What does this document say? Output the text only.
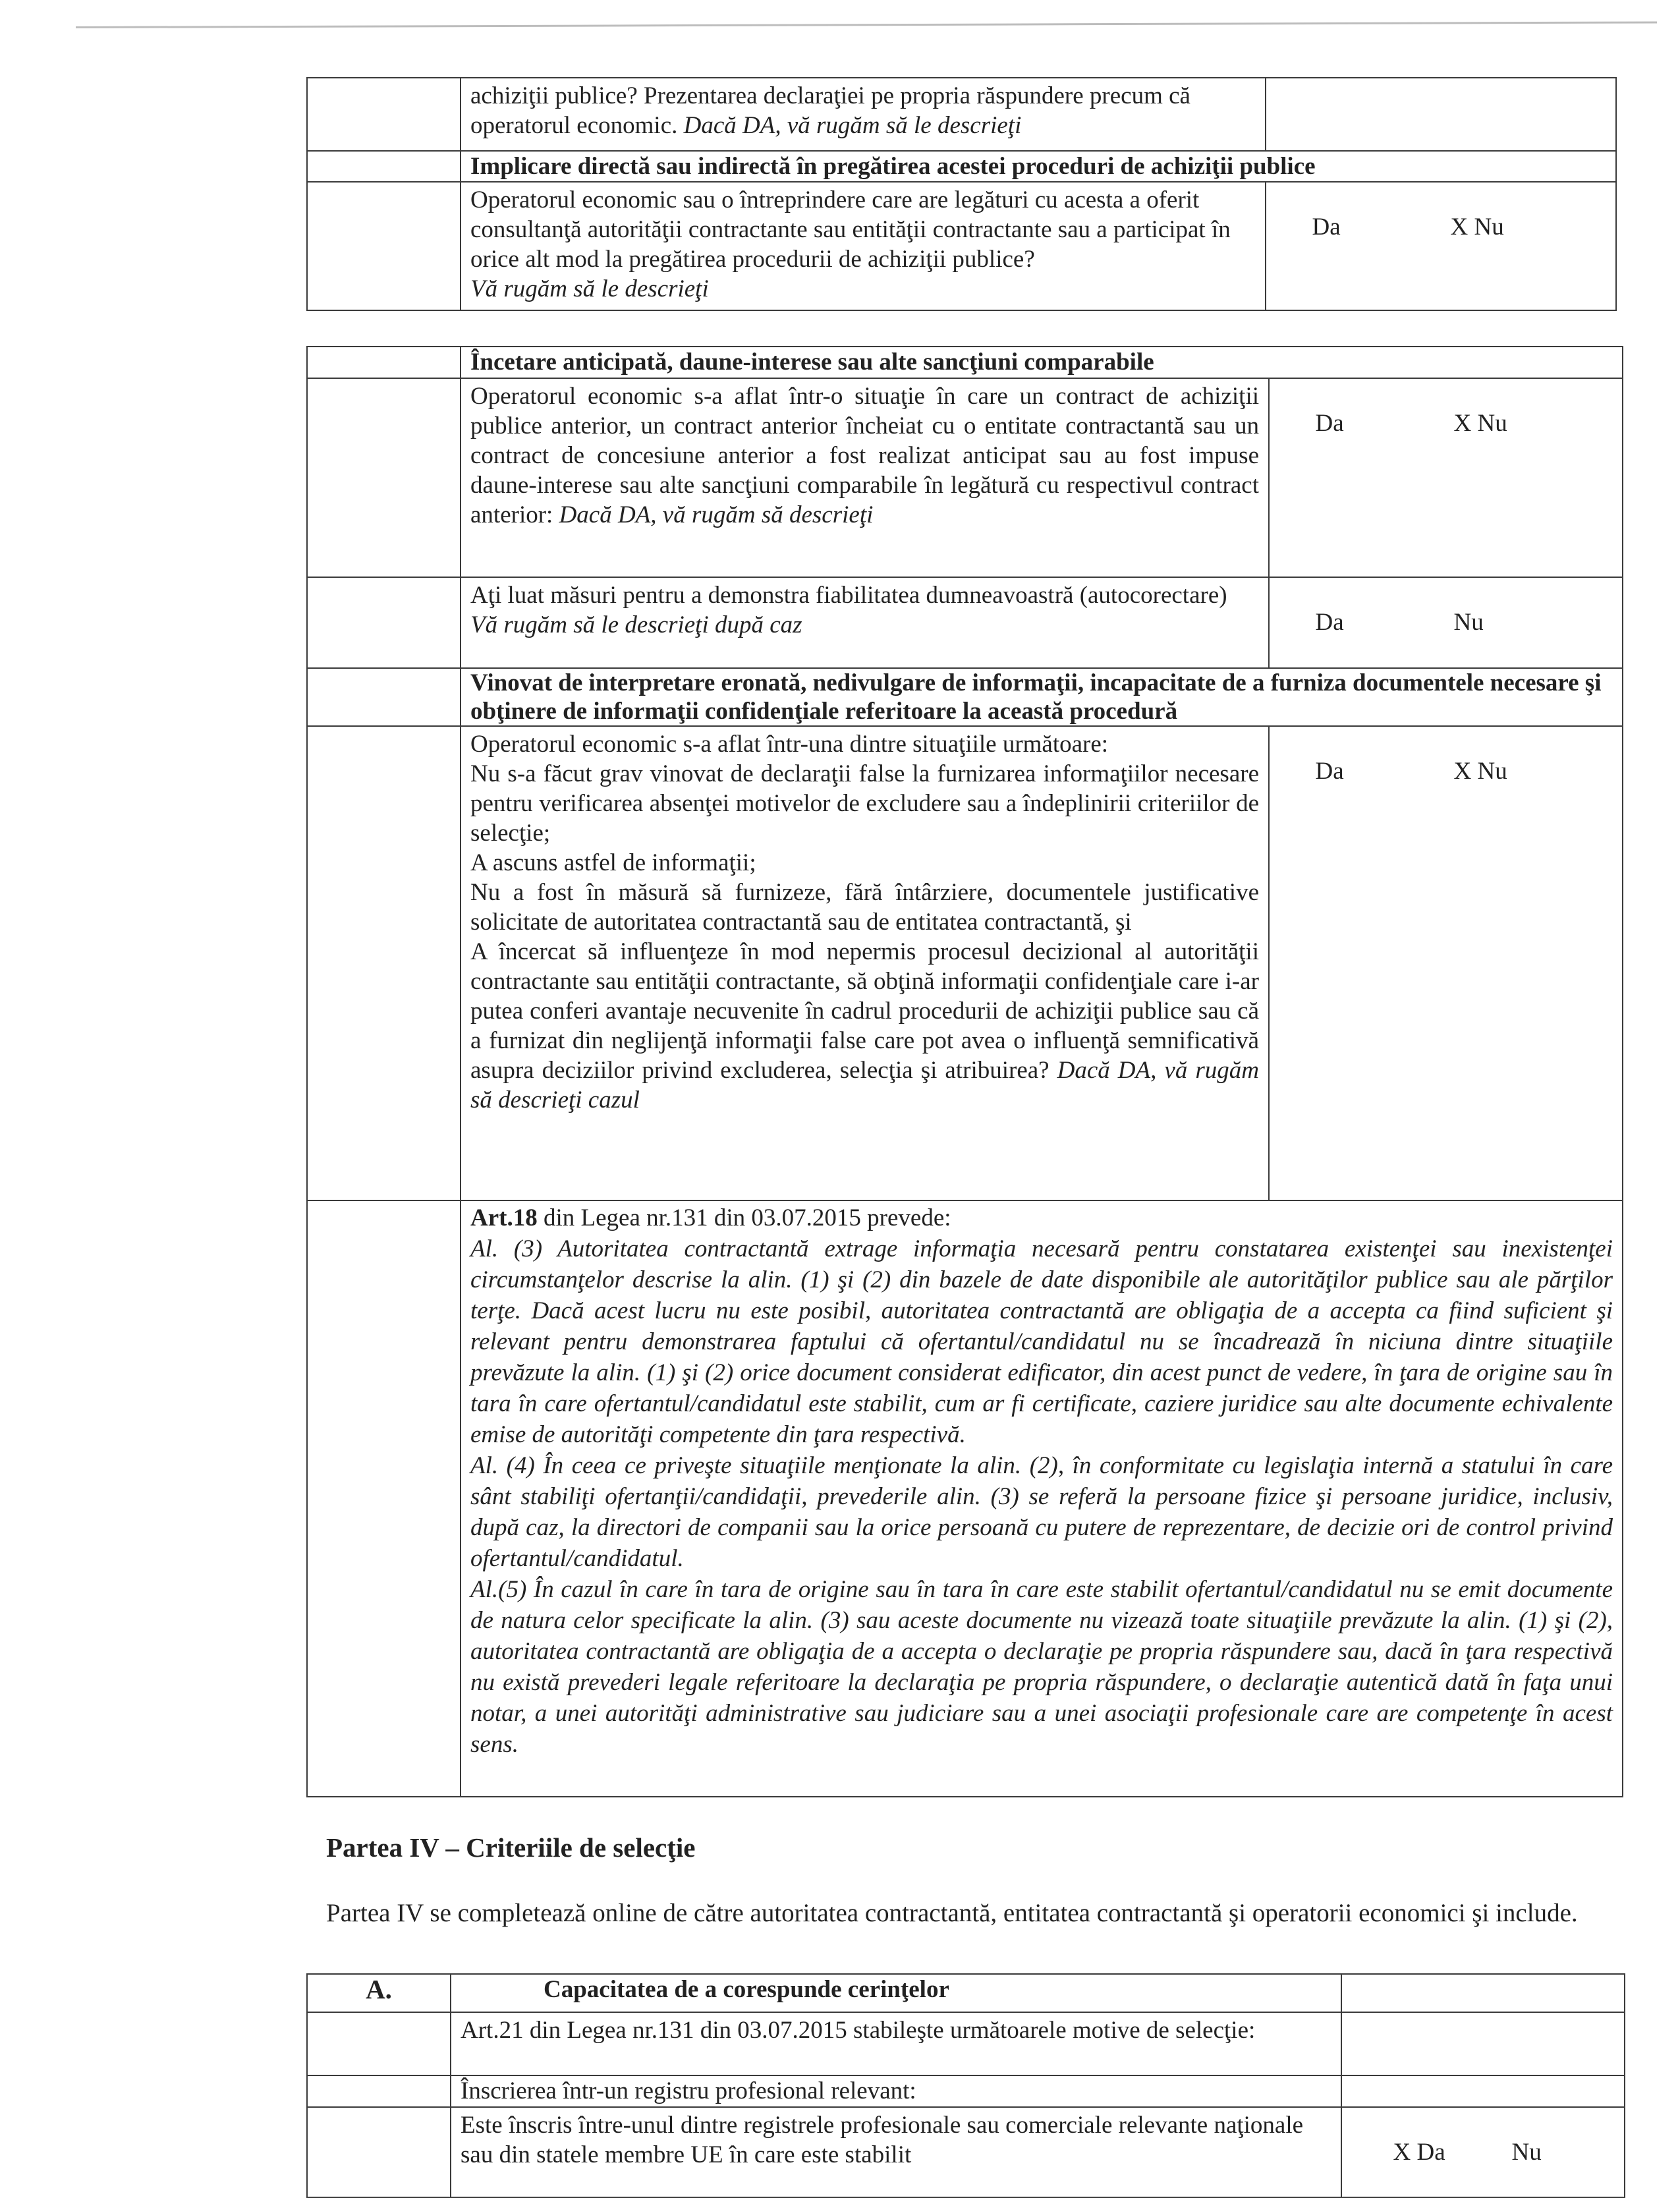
	achiziţii publice? Prezentarea declaraţiei pe propria răspundere precum că operatorul economic. Dacă DA, vă rugăm să le descrieţi	
	Implicare directă sau indirectă în pregătirea acestei proceduri de achiziţii publice	
	Operatorul economic sau o întreprindere care are legături cu acesta a oferit consultanţă autorităţii contractante sau entităţii contractante sau a participat în orice alt mod la pregătirea procedurii de achiziţii publice?
Vă rugăm să le descrieţi	Da X Nu

	Încetare anticipată, daune-interese sau alte sancţiuni comparabile	
	Operatorul economic s-a aflat într-o situaţie în care un contract de achiziţii publice anterior, un contract anterior încheiat cu o entitate contractantă sau un contract de concesiune anterior a fost realizat anticipat sau au fost impuse daune-interese sau alte sancţiuni comparabile în legătură cu respectivul contract anterior: Dacă DA, vă rugăm să descrieţi	Da X Nu

	Aţi luat măsuri pentru a demonstra fiabilitatea dumneavoastră (autocorectare)
Vă rugăm să le descrieţi după caz	Da Nu

	Vinovat de interpretare eronată, nedivulgare de informaţii, incapacitate de a furniza documentele necesare şi obţinere de informaţii confidenţiale referitoare la această procedură	

	Operatorul economic s-a aflat într-una dintre situaţiile următoare:
Nu s-a făcut grav vinovat de declaraţii false la furnizarea informaţiilor necesare pentru verificarea absenţei motivelor de excludere sau a îndeplinirii criteriilor de selecţie;
A ascuns astfel de informaţii;
Nu a fost în măsură să furnizeze, fără întârziere, documentele justificative solicitate de autoritatea contractantă sau de entitatea contractantă, şi
A încercat să influenţeze în mod nepermis procesul decizional al autorităţii contractante sau entităţii contractante, să obţină informaţii confidenţiale care i-ar putea conferi avantaje necuvenite în cadrul procedurii de achiziţii publice sau că a furnizat din neglijenţă informaţii false care pot avea o influenţă semnificativă asupra deciziilor privind excluderea, selecţia şi atribuirea? Dacă DA, vă rugăm să descrieţi cazul	Da X Nu

	Art.18 din Legea nr.131 din 03.07.2015 prevede:
Al. (3) Autoritatea contractantă extrage informaţia necesară pentru constatarea existenţei sau inexistenţei circumstanţelor descrise la alin. (1) şi (2) din bazele de date disponibile ale autorităţilor publice sau ale părţilor terţe. Dacă acest lucru nu este posibil, autoritatea contractantă are obligaţia de a accepta ca fiind suficient şi relevant pentru demonstrarea faptului că ofertantul/candidatul nu se încadrează în niciuna dintre situaţiile prevăzute la alin. (1) şi (2) orice document considerat edificator, din acest punct de vedere, în ţara de origine sau în tara în care ofertantul/candidatul este stabilit, cum ar fi certificate, caziere juridice sau alte documente echivalente emise de autorităţi competente din ţara respectivă.
Al. (4) În ceea ce priveşte situaţiile menţionate la alin. (2), în conformitate cu legislaţia internă a statului în care sânt stabiliţi ofertanţii/candidaţii, prevederile alin. (3) se referă la persoane fizice şi persoane juridice, inclusiv, după caz, la directori de companii sau la orice persoană cu putere de reprezentare, de decizie ori de control privind ofertantul/candidatul.
Al.(5) În cazul în care în tara de origine sau în tara în care este stabilit ofertantul/candidatul nu se emit documente de natura celor specificate la alin. (3) sau aceste documente nu vizează toate situaţiile prevăzute la alin. (1) şi (2), autoritatea contractantă are obligaţia de a accepta o declaraţie pe propria răspundere sau, dacă în ţara respectivă nu există prevederi legale referitoare la declaraţia pe propria răspundere, o declaraţie autentică dată în faţa unui notar, a unei autorităţi administrative sau judiciare sau a unei asociaţii profesionale care are competenţe în acest sens.	
Partea IV – Criteriile de selecţie

Partea IV se completează online de către autoritatea contractantă, entitatea contractantă şi operatorii economici şi include.

A.	Capacitatea de a corespunde cerinţelor	
	Art.21 din Legea nr.131 din 03.07.2015 stabileşte următoarele motive de selecţie:	
	Înscrierea într-un registru profesional relevant:	
	Este înscris între-unul dintre registrele profesionale sau comerciale relevante naţionale sau din statele membre UE în care este stabilit	X Da Nu
